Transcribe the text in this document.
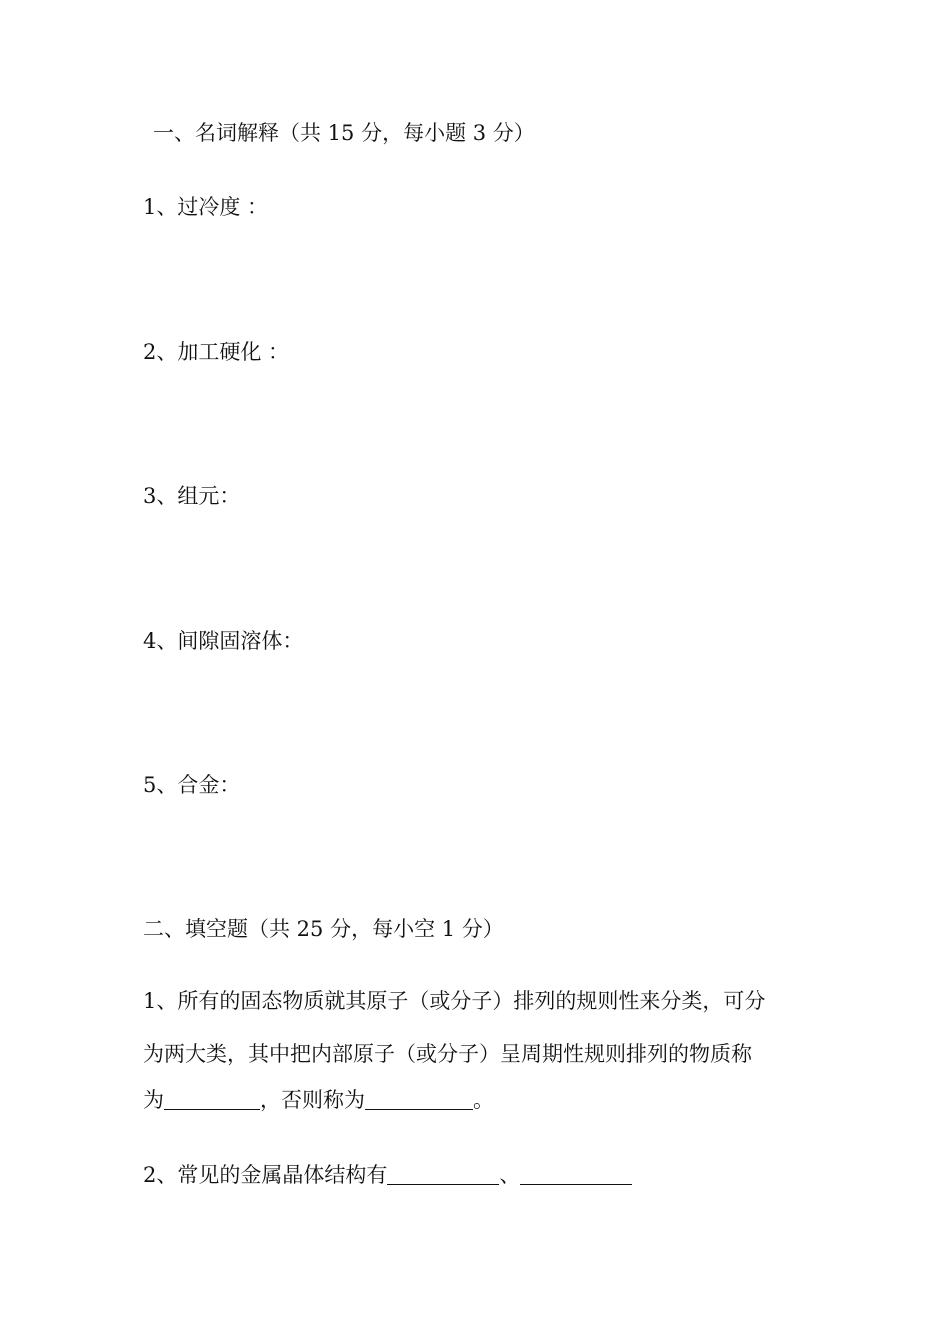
一、名词解释（共 15 分，每小题 3 分）
1、过冷度 ：
2、加工硬化 ：
3、组元：
4、间隙固溶体：
5、合金：
二、填空题（共 25 分，每小空 1 分）
1、所有的固态物质就其原子（或分子）排列的规则性来分类，可分
为两大类，其中把内部原子（或分子）呈周期性规则排列的物质称
为	，否则称为	。
2、常见的金属晶体结构有	、
